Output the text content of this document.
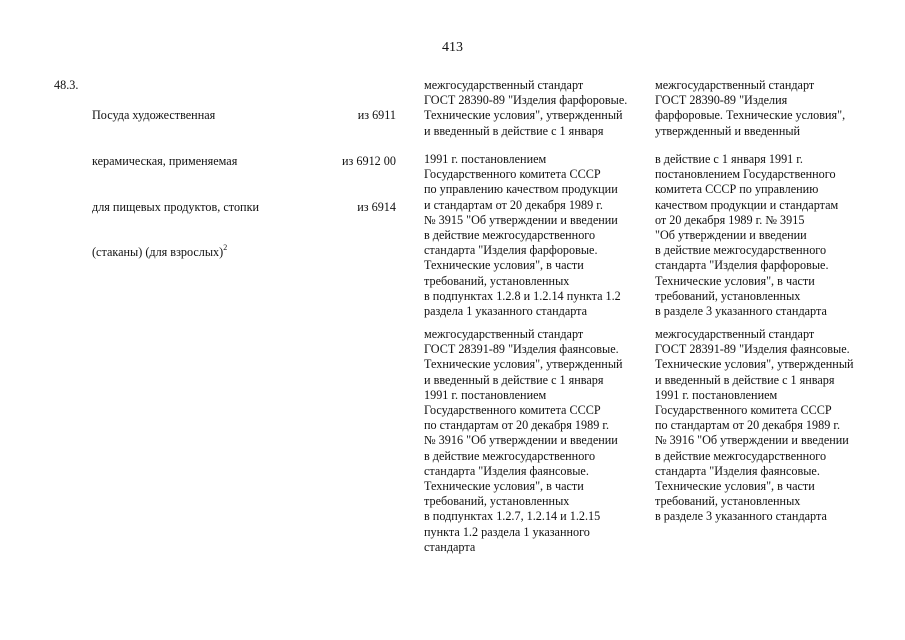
413
48.3.

Посуда художественная

керамическая, применяемая

для пищевых продуктов, стопки

(стаканы) (для взрослых)$^2$

из 6911

из 6912 00

из 6914

межгосударственный стандарт
ГОСТ 28390-89 "Изделия фарфоровые.
Технические условия", утвержденный
и введенный в действие с 1 января
1991 г. постановлением
Государственного комитета СССР
по управлению качеством продукции
и стандартам от 20 декабря 1989 г.
№ 3915 "Об утверждении и введении
в действие межгосударственного
стандарта "Изделия фарфоровые.
Технические условия", в части
требований, установленных
в подпунктах 1.2.8 и 1.2.14 пункта 1.2
раздела 1 указанного стандарта
межгосударственный стандарт
ГОСТ 28391-89 "Изделия фаянсовые.
Технические условия", утвержденный
и введенный в действие с 1 января
1991 г. постановлением
Государственного комитета СССР
по стандартам от 20 декабря 1989 г.
№ 3916 "Об утверждении и введении
в действие межгосударственного
стандарта "Изделия фаянсовые.
Технические условия", в части
требований, установленных
в подпунктах 1.2.7, 1.2.14 и 1.2.15
пункта 1.2 раздела 1 указанного
стандарта
межгосударственный стандарт
ГОСТ 28390-89 "Изделия
фарфоровые. Технические условия",
утвержденный и введенный
в действие с 1 января 1991 г.
постановлением Государственного
комитета СССР по управлению
качеством продукции и стандартам
от 20 декабря 1989 г. № 3915
"Об утверждении и введении
в действие межгосударственного
стандарта "Изделия фарфоровые.
Технические условия", в части
требований, установленных
в разделе 3 указанного стандарта
межгосударственный стандарт
ГОСТ 28391-89 "Изделия фаянсовые.
Технические условия", утвержденный
и введенный в действие с 1 января
1991 г. постановлением
Государственного комитета СССР
по стандартам от 20 декабря 1989 г.
№ 3916 "Об утверждении и введении
в действие межгосударственного
стандарта "Изделия фаянсовые.
Технические условия", в части
требований, установленных
в разделе 3 указанного стандарта
